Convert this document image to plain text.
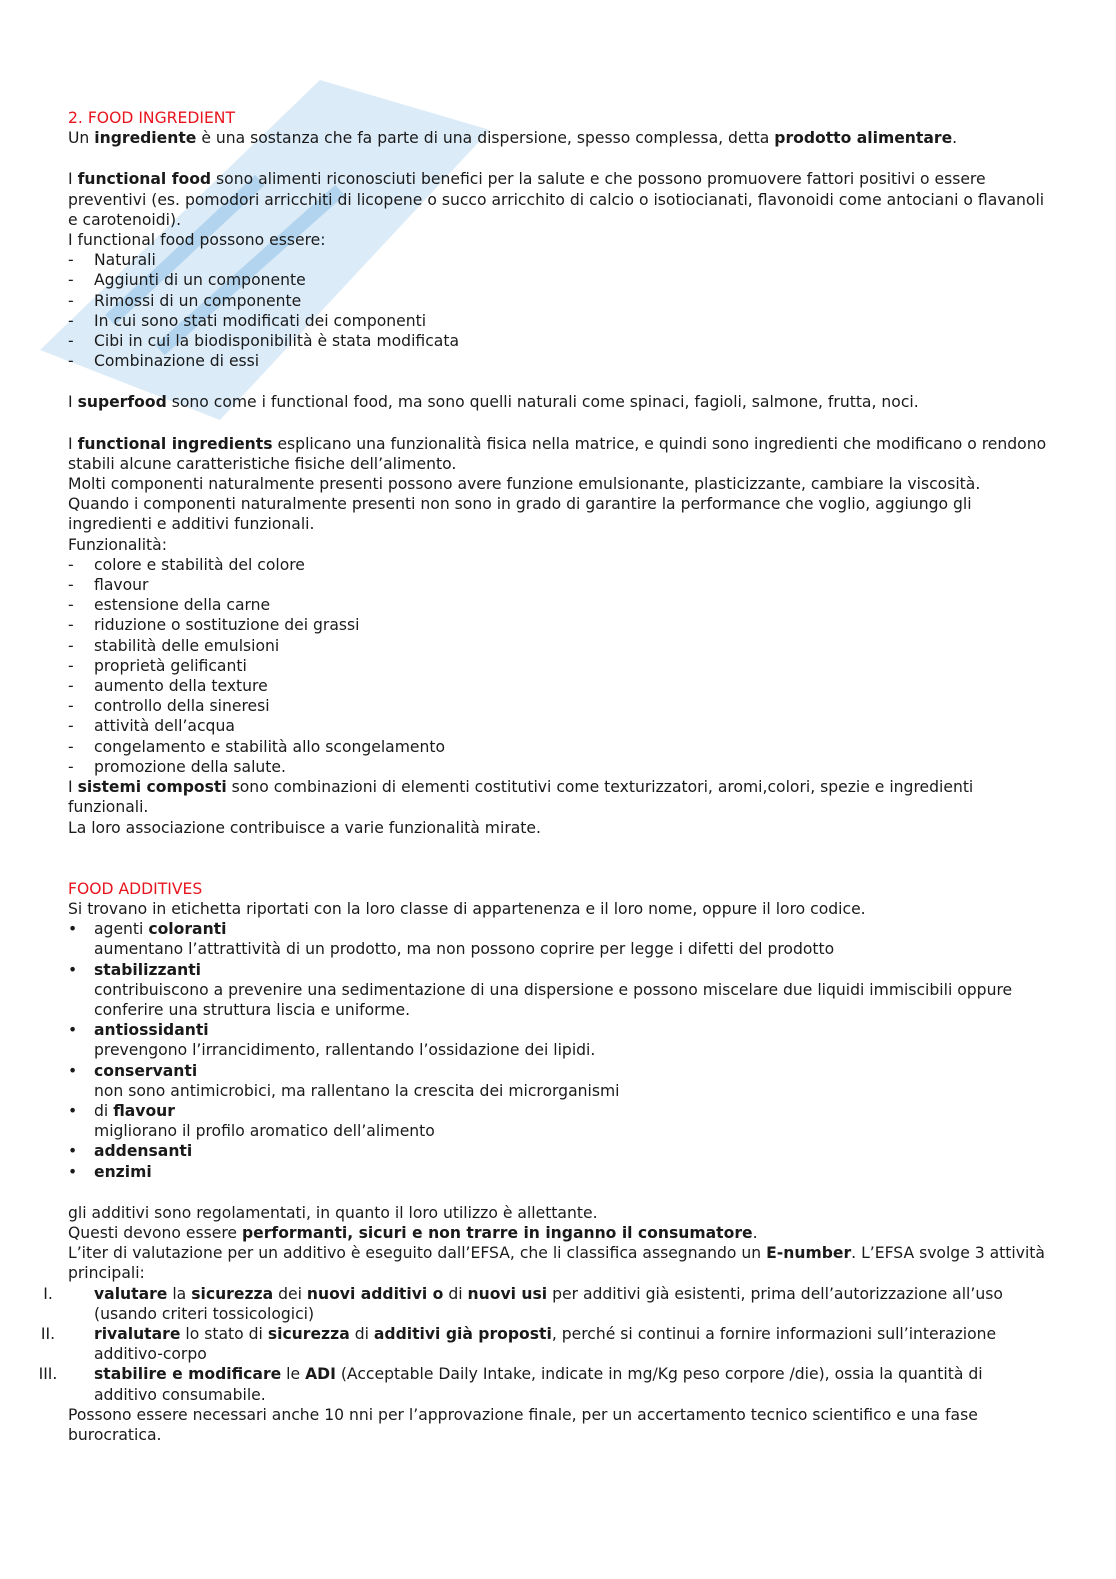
2. FOOD INGREDIENT

Un ingrediente è una sostanza che fa parte di una dispersione, spesso complessa, detta prodotto alimentare.

I functional food sono alimenti riconosciuti benefici per la salute e che possono promuovere fattori positivi o essere preventivi (es. pomodori arricchiti di licopene o succo arricchito di calcio o isotiocianati, flavonoidi come antociani o flavanoli e carotenoidi).

I functional food possono essere:

- Naturali
- Aggiunti di un componente
- Rimossi di un componente
- In cui sono stati modificati dei componenti
- Cibi in cui la biodisponibilità è stata modificata
- Combinazione di essi

I superfood sono come i functional food, ma sono quelli naturali come spinaci, fagioli, salmone, frutta, noci.

I functional ingredients esplicano una funzionalità fisica nella matrice, e quindi sono ingredienti che modificano o rendono stabili alcune caratteristiche fisiche dell’alimento.

Molti componenti naturalmente presenti possono avere funzione emulsionante, plasticizzante, cambiare la viscosità.

Quando i componenti naturalmente presenti non sono in grado di garantire la performance che voglio, aggiungo gli ingredienti e additivi funzionali.

Funzionalità:

- colore e stabilità del colore
- flavour
- estensione della carne
- riduzione o sostituzione dei grassi
- stabilità delle emulsioni
- proprietà gelificanti
- aumento della texture
- controllo della sineresi
- attività dell’acqua
- congelamento e stabilità allo scongelamento
- promozione della salute.

I sistemi composti sono combinazioni di elementi costitutivi come texturizzatori, aromi,colori, spezie e ingredienti funzionali.

La loro associazione contribuisce a varie funzionalità mirate.

FOOD ADDITIVES

Si trovano in etichetta riportati con la loro classe di appartenenza e il loro nome, oppure il loro codice.

• agenti coloranti
aumentano l’attrattività di un prodotto, ma non possono coprire per legge i difetti del prodotto
• stabilizzanti
contribuiscono a prevenire una sedimentazione di una dispersione e possono miscelare due liquidi immiscibili oppure conferire una struttura liscia e uniforme.
• antiossidanti
prevengono l’irrancidimento, rallentando l’ossidazione dei lipidi.
• conservanti
non sono antimicrobici, ma rallentano la crescita dei microrganismi
• di flavour
migliorano il profilo aromatico dell’alimento
• addensanti
• enzimi

gli additivi sono regolamentati, in quanto il loro utilizzo è allettante.

Questi devono essere performanti, sicuri e non trarre in inganno il consumatore.

L’iter di valutazione per un additivo è eseguito dall’EFSA, che li classifica assegnando un E-number. L’EFSA svolge 3 attività principali:

I.	valutare la sicurezza dei nuovi additivi o di nuovi usi per additivi già esistenti, prima dell’autorizzazione all’uso (usando criteri tossicologici)
II.	rivalutare lo stato di sicurezza di additivi già proposti, perché si continui a fornire informazioni sull’interazione additivo-corpo
III.	stabilire e modificare le ADI (Acceptable Daily Intake, indicate in mg/Kg peso corpore /die), ossia la quantità di additivo consumabile.

Possono essere necessari anche 10 nni per l’approvazione finale, per un accertamento tecnico scientifico e una fase burocratica.
